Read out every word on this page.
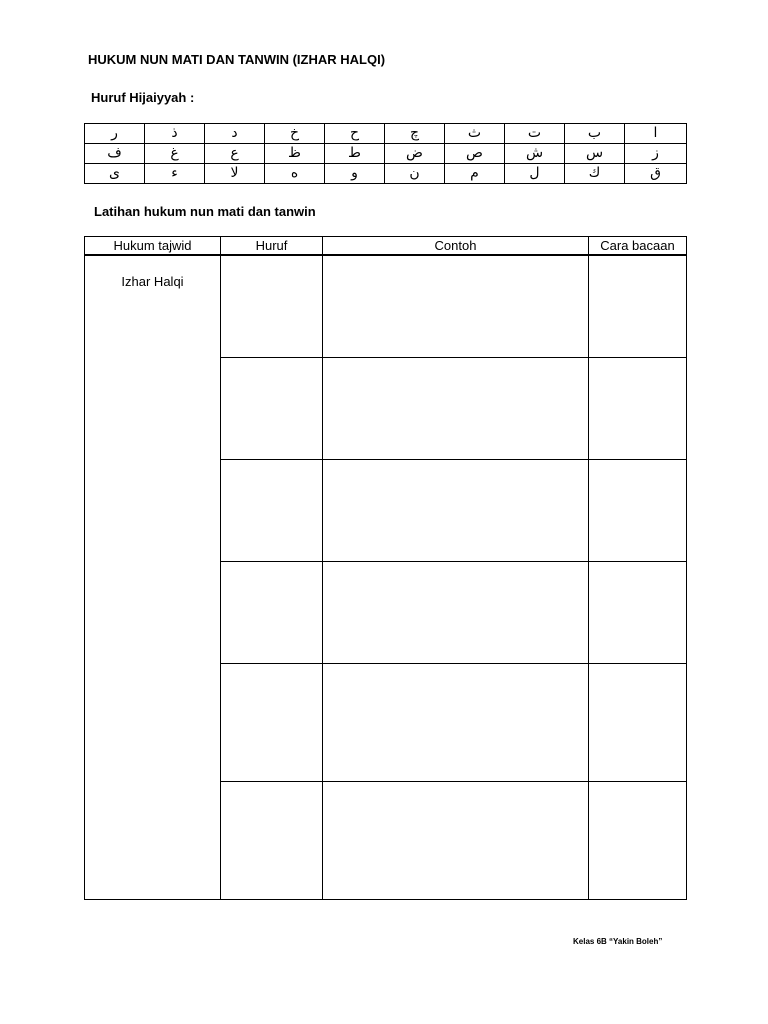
HUKUM NUN MATI DAN TANWIN (IZHAR HALQI)
Huruf Hijaiyyah :
ر	ذ	د	خ	ح	چ	ث	ت	ب	ا
ف	غ	ع	ظ	ط	ض	ص	ش	س	ز
ى	ء	لا	ه	و	ن	م	ل	ك	ق
Latihan hukum nun mati dan tanwin
Hukum tajwid	Huruf	Contoh	Cara bacaan
Izhar Halqi			

Kelas 6B “Yakin Boleh”
